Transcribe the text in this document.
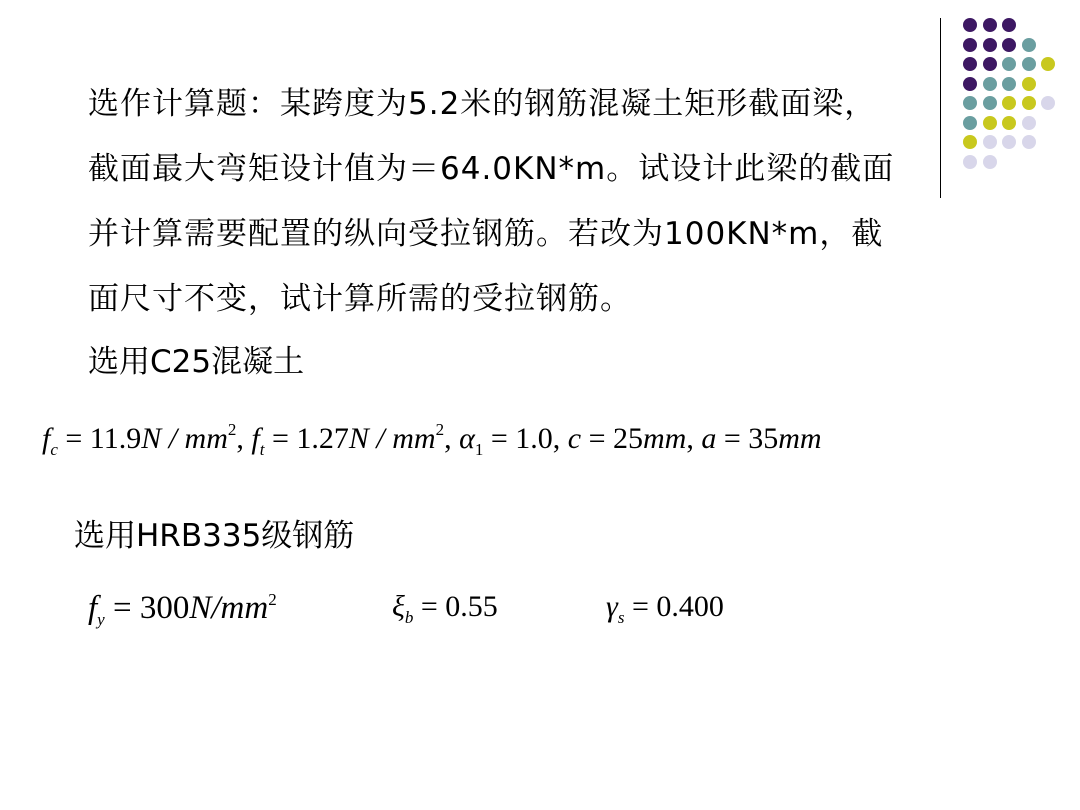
选作计算题：某跨度为5.2米的钢筋混凝土矩形截面梁，
截面最大弯矩设计值为＝64.0KN*m。试设计此梁的截面
并计算需要配置的纵向受拉钢筋。若改为100KN*m，截
面尺寸不变，试计算所需的受拉钢筋。
选用C25混凝土
$f_c = 11.9N / mm^2$, $f_t = 1.27N / mm^2$, $\alpha_1 = 1.0$, c = 25mm, a = 35mm
选用HRB335级钢筋
$f_y = 300N/mm^2$	$\xi_b = 0.55$	$\gamma_s = 0.400$
